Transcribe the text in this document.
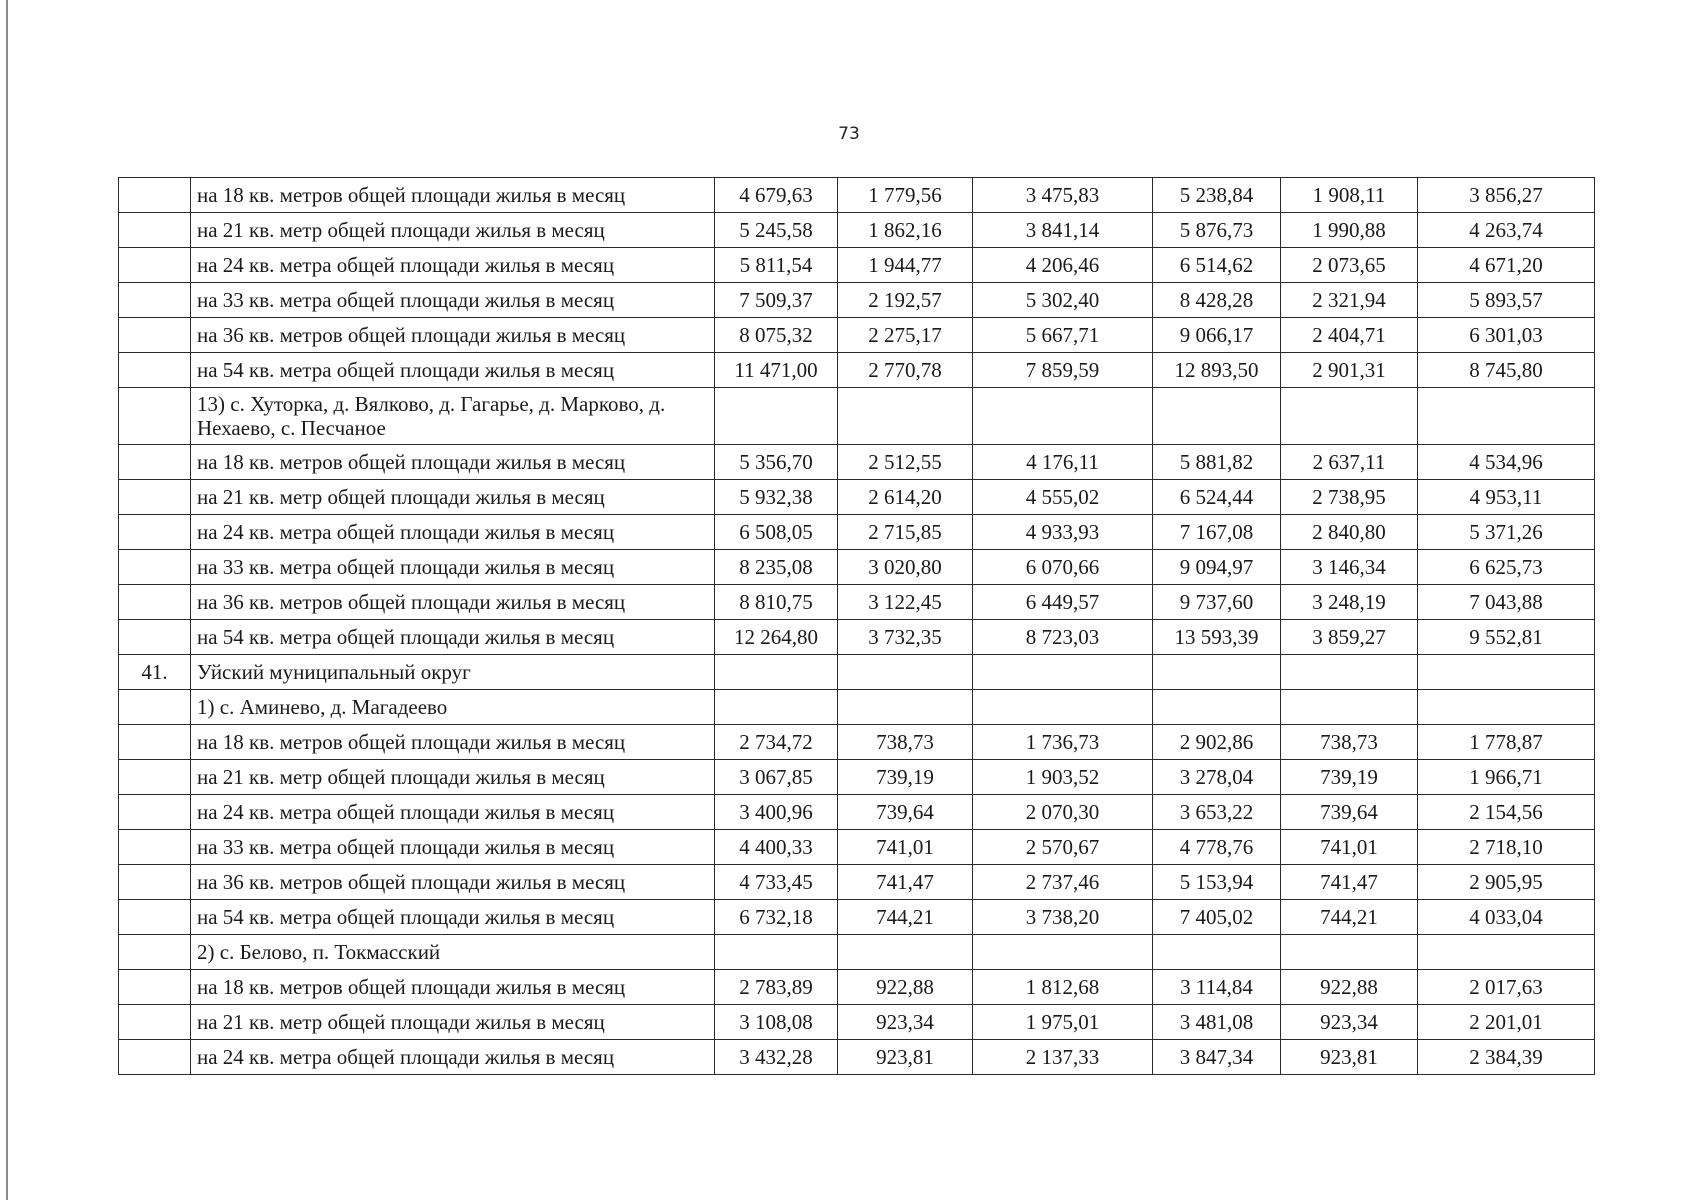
73
	на 18 кв. метров общей площади жилья в месяц	4 679,63	1 779,56	3 475,83	5 238,84	1 908,11	3 856,27
	на 21 кв. метр общей площади жилья в месяц	5 245,58	1 862,16	3 841,14	5 876,73	1 990,88	4 263,74
	на 24 кв. метра общей площади жилья в месяц	5 811,54	1 944,77	4 206,46	6 514,62	2 073,65	4 671,20
	на 33 кв. метра общей площади жилья в месяц	7 509,37	2 192,57	5 302,40	8 428,28	2 321,94	5 893,57
	на 36 кв. метров общей площади жилья в месяц	8 075,32	2 275,17	5 667,71	9 066,17	2 404,71	6 301,03
	на 54 кв. метра общей площади жилья в месяц	11 471,00	2 770,78	7 859,59	12 893,50	2 901,31	8 745,80
	13) с. Хуторка, д. Вялково, д. Гагарье, д. Марково, д. Нехаево, с. Песчаное						
	на 18 кв. метров общей площади жилья в месяц	5 356,70	2 512,55	4 176,11	5 881,82	2 637,11	4 534,96
	на 21 кв. метр общей площади жилья в месяц	5 932,38	2 614,20	4 555,02	6 524,44	2 738,95	4 953,11
	на 24 кв. метра общей площади жилья в месяц	6 508,05	2 715,85	4 933,93	7 167,08	2 840,80	5 371,26
	на 33 кв. метра общей площади жилья в месяц	8 235,08	3 020,80	6 070,66	9 094,97	3 146,34	6 625,73
	на 36 кв. метров общей площади жилья в месяц	8 810,75	3 122,45	6 449,57	9 737,60	3 248,19	7 043,88
	на 54 кв. метра общей площади жилья в месяц	12 264,80	3 732,35	8 723,03	13 593,39	3 859,27	9 552,81
41.	Уйский муниципальный округ						
	1) с. Аминево, д. Магадеево						
	на 18 кв. метров общей площади жилья в месяц	2 734,72	738,73	1 736,73	2 902,86	738,73	1 778,87
	на 21 кв. метр общей площади жилья в месяц	3 067,85	739,19	1 903,52	3 278,04	739,19	1 966,71
	на 24 кв. метра общей площади жилья в месяц	3 400,96	739,64	2 070,30	3 653,22	739,64	2 154,56
	на 33 кв. метра общей площади жилья в месяц	4 400,33	741,01	2 570,67	4 778,76	741,01	2 718,10
	на 36 кв. метров общей площади жилья в месяц	4 733,45	741,47	2 737,46	5 153,94	741,47	2 905,95
	на 54 кв. метра общей площади жилья в месяц	6 732,18	744,21	3 738,20	7 405,02	744,21	4 033,04
	2) с. Белово, п. Токмасский						
	на 18 кв. метров общей площади жилья в месяц	2 783,89	922,88	1 812,68	3 114,84	922,88	2 017,63
	на 21 кв. метр общей площади жилья в месяц	3 108,08	923,34	1 975,01	3 481,08	923,34	2 201,01
	на 24 кв. метра общей площади жилья в месяц	3 432,28	923,81	2 137,33	3 847,34	923,81	2 384,39
